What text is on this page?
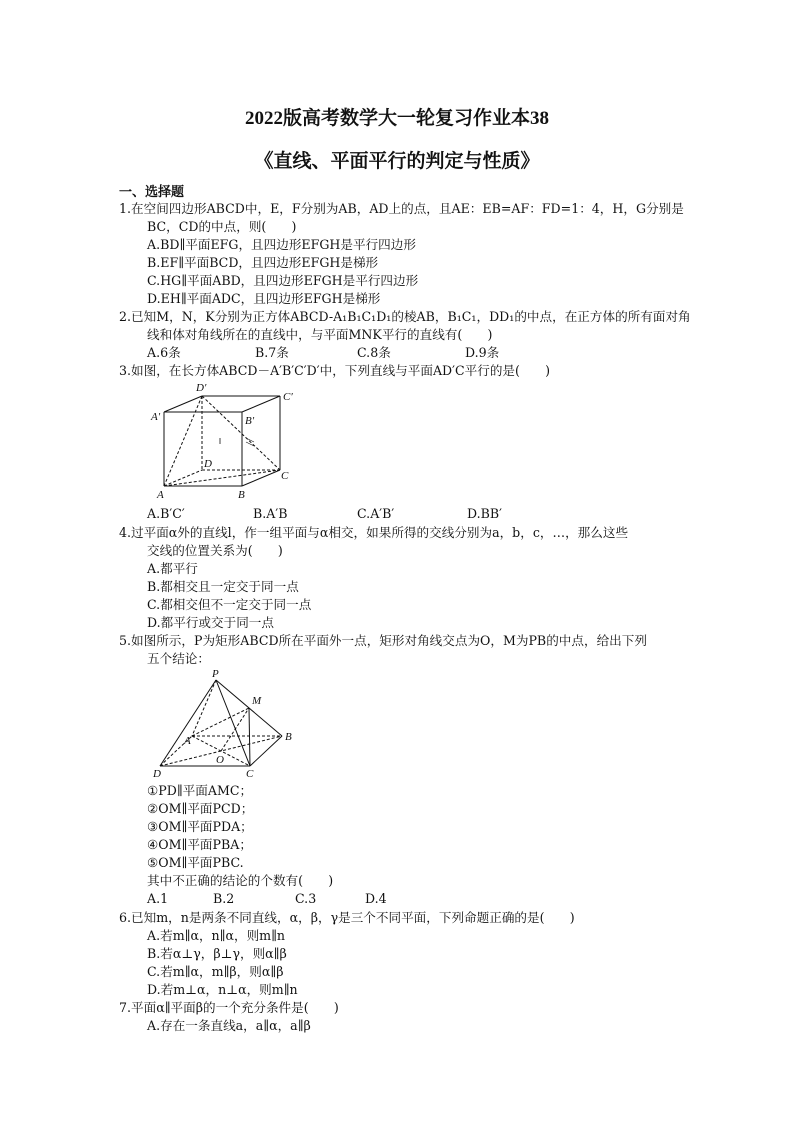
2022版高考数学大一轮复习作业本38
《直线、平面平行的判定与性质》
一、选择题
1.在空间四边形ABCD中，E，F分别为AB，AD上的点，且AE：EB=AF：FD=1：4，H，G分别是
BC，CD的中点，则(　　)
A.BD∥平面EFG，且四边形EFGH是平行四边形
B.EF∥平面BCD，且四边形EFGH是梯形
C.HG∥平面ABD，且四边形EFGH是平行四边形
D.EH∥平面ADC，且四边形EFGH是梯形
2.已知M，N，K分别为正方体ABCD-A₁B₁C₁D₁的棱AB，B₁C₁，DD₁的中点，在正方体的所有面对角
线和体对角线所在的直线中，与平面MNK平行的直线有(　　)
A.6条	B.7条	C.8条	D.9条
3.如图，在长方体ABCD－A′B′C′D′中，下列直线与平面AD′C平行的是(　　)
D′
C′
A′	B′
D
C
A	B
A.B′C′	B.A′B	C.A′B′	D.BB′
4.过平面α外的直线l，作一组平面与α相交，如果所得的交线分别为a，b，c，…，那么这些
交线的位置关系为(　　)
A.都平行
B.都相交且一定交于同一点
C.都相交但不一定交于同一点
D.都平行或交于同一点
5.如图所示，P为矩形ABCD所在平面外一点，矩形对角线交点为O，M为PB的中点，给出下列
五个结论：
P
M
A	B
O
D	C
①PD∥平面AMC；
②OM∥平面PCD；
③OM∥平面PDA；
④OM∥平面PBA；
⑤OM∥平面PBC.
其中不正确的结论的个数有(　　)
A.1	B.2	C.3	D.4
6.已知m，n是两条不同直线，α，β，γ是三个不同平面，下列命题正确的是(　　)
A.若m∥α，n∥α，则m∥n
B.若α⊥γ，β⊥γ，则α∥β
C.若m∥α，m∥β，则α∥β
D.若m⊥α，n⊥α，则m∥n
7.平面α∥平面β的一个充分条件是(　　)
A.存在一条直线a，a∥α，a∥β
